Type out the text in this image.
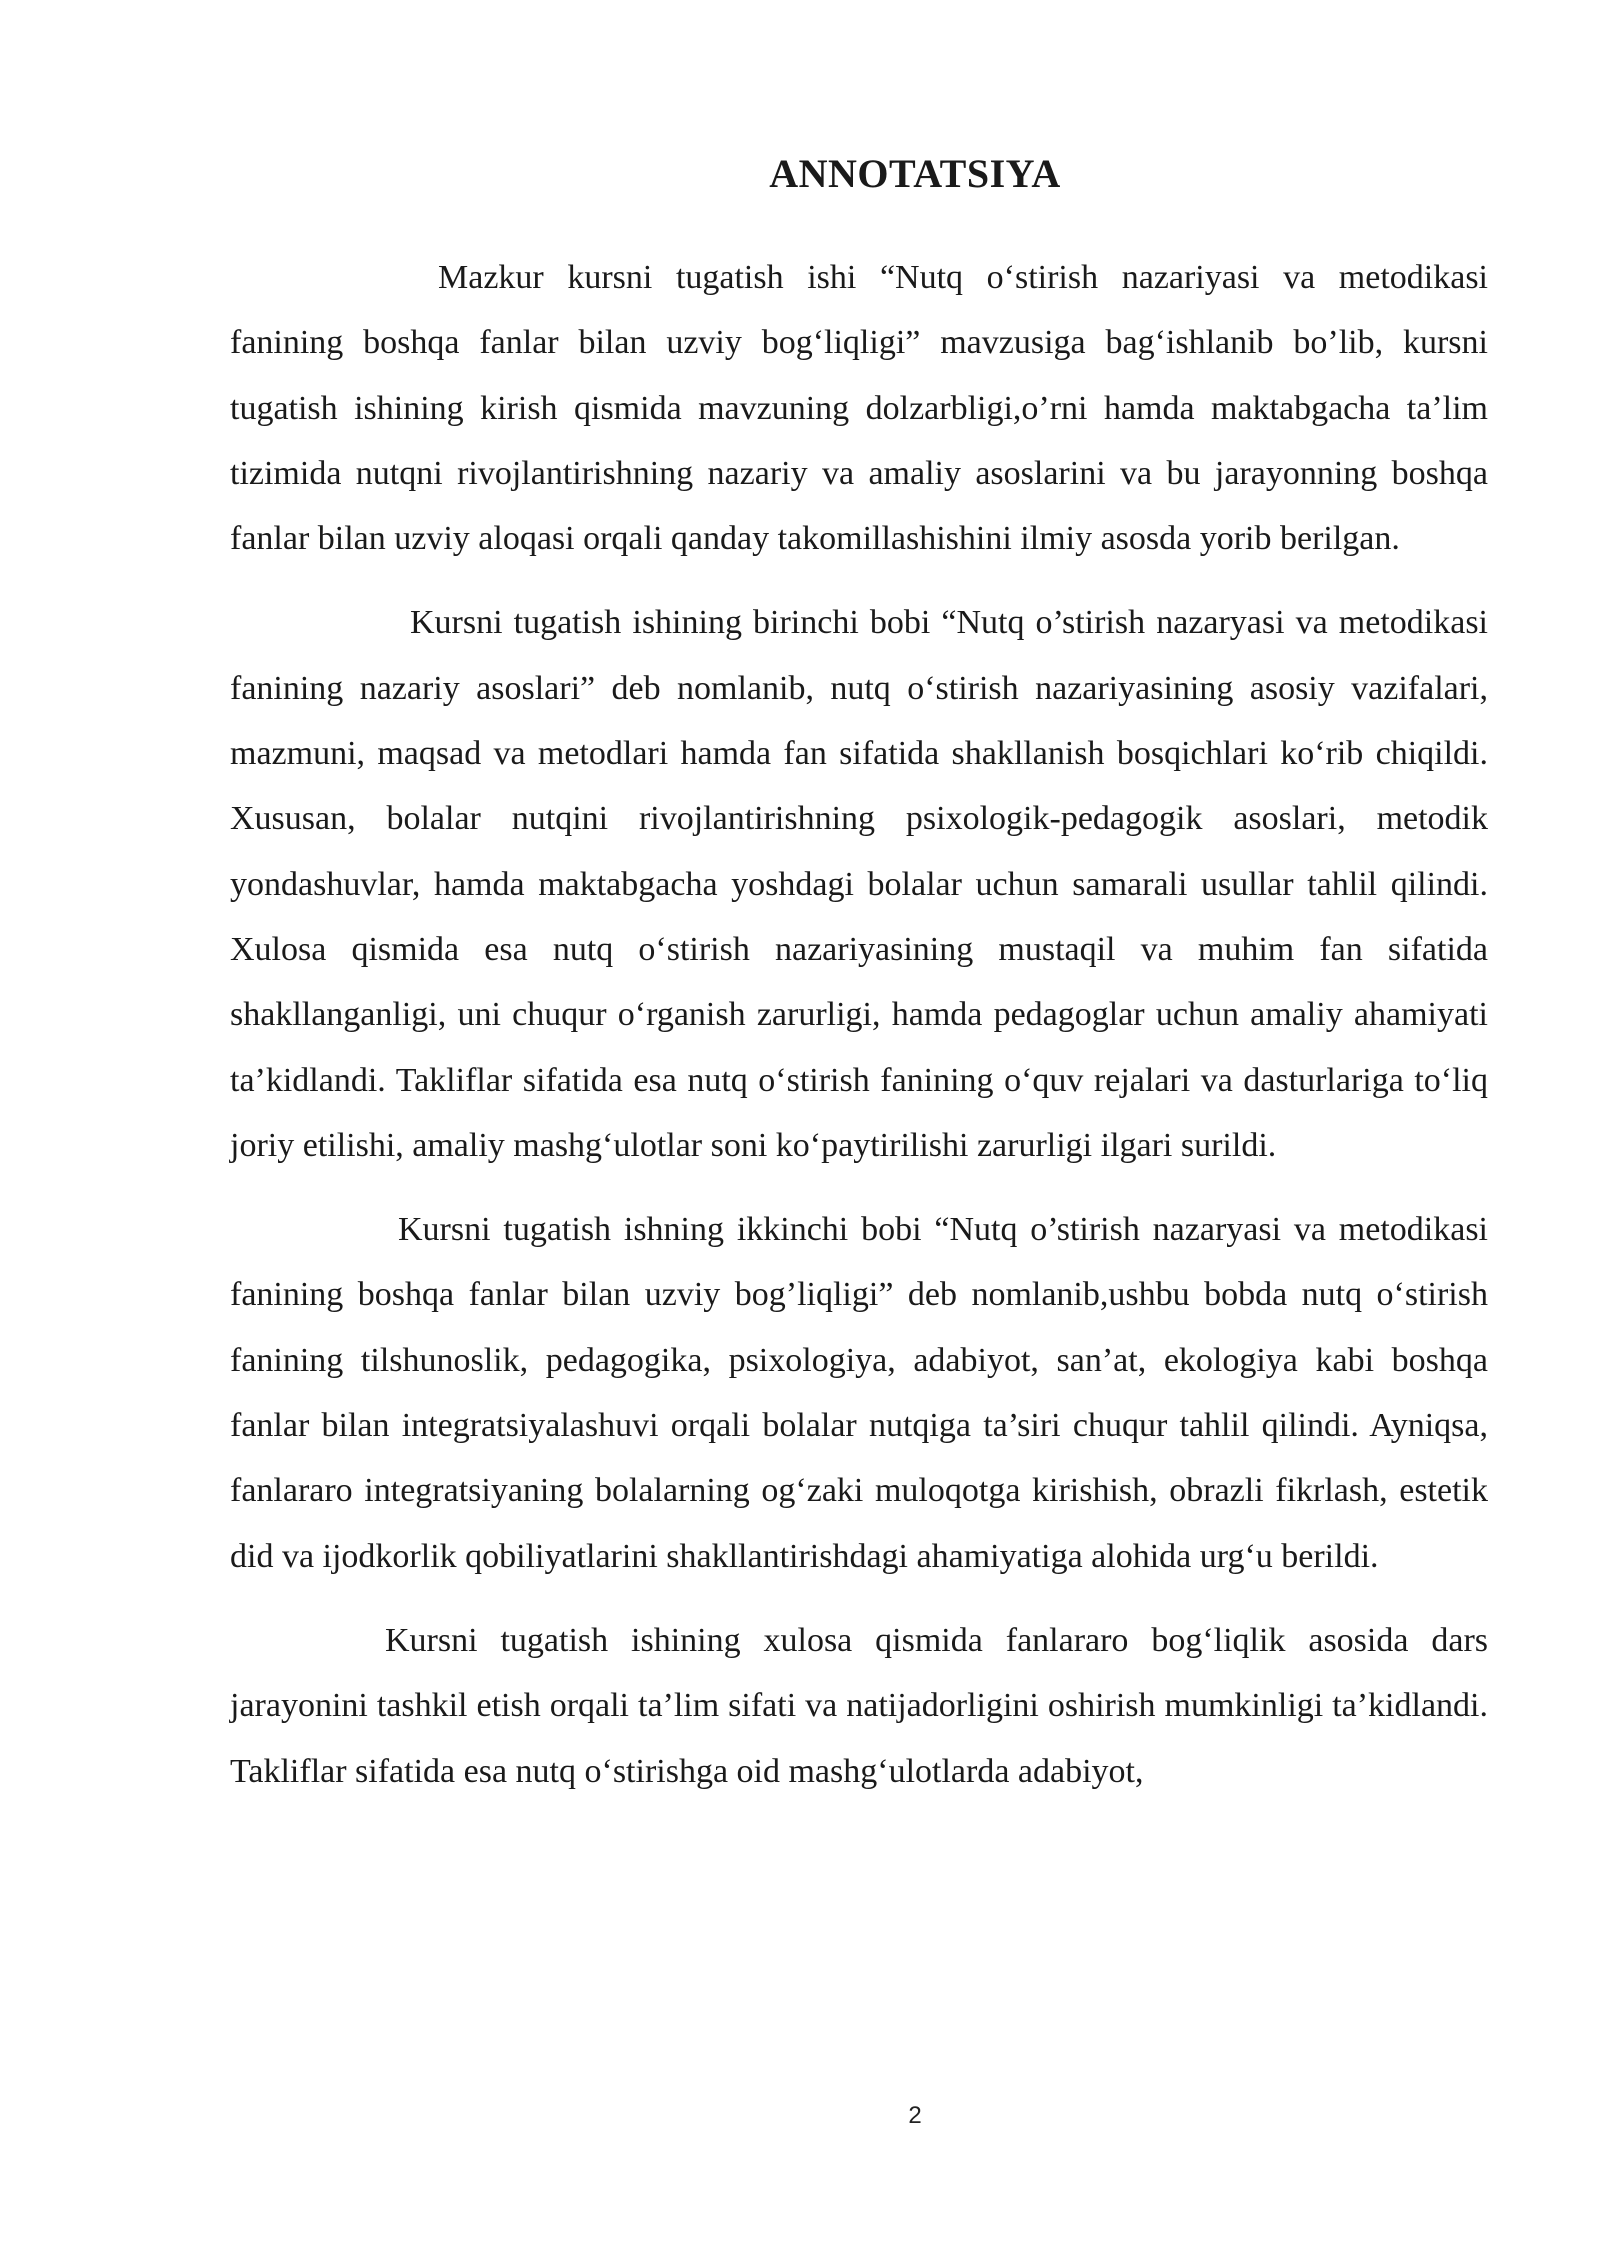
ANNOTATSIYA

Mazkur kursni tugatish ishi “Nutq o‘stirish nazariyasi va metodikasi fanining boshqa fanlar bilan uzviy bog‘liqligi” mavzusiga bag‘ishlanib bo’lib, kursni tugatish ishining kirish qismida mavzuning dolzarbligi,o’rni hamda maktabgacha ta’lim tizimida nutqni rivojlantirishning nazariy va amaliy asoslarini va bu jarayonning boshqa fanlar bilan uzviy aloqasi orqali qanday takomillashishini ilmiy asosda yorib berilgan.

Kursni tugatish ishining birinchi bobi “Nutq o’stirish nazaryasi va metodikasi fanining nazariy asoslari” deb nomlanib, nutq o‘stirish nazariyasining asosiy vazifalari, mazmuni, maqsad va metodlari hamda fan sifatida shakllanish bosqichlari ko‘rib chiqildi. Xususan, bolalar nutqini rivojlantirishning psixologik-pedagogik asoslari, metodik yondashuvlar, hamda maktabgacha yoshdagi bolalar uchun samarali usullar tahlil qilindi. Xulosa qismida esa nutq o‘stirish nazariyasining mustaqil va muhim fan sifatida shakllanganligi, uni chuqur o‘rganish zarurligi, hamda pedagoglar uchun amaliy ahamiyati ta’kidlandi. Takliflar sifatida esa nutq o‘stirish fanining o‘quv rejalari va dasturlariga to‘liq joriy etilishi, amaliy mashg‘ulotlar soni ko‘paytirilishi zarurligi ilgari surildi.

Kursni tugatish ishning ikkinchi bobi “Nutq o’stirish nazaryasi va metodikasi fanining boshqa fanlar bilan uzviy bog’liqligi” deb nomlanib,ushbu bobda nutq o‘stirish fanining tilshunoslik, pedagogika, psixologiya, adabiyot, san’at, ekologiya kabi boshqa fanlar bilan integratsiyalashuvi orqali bolalar nutqiga ta’siri chuqur tahlil qilindi. Ayniqsa, fanlararo integratsiyaning bolalarning og‘zaki muloqotga kirishish, obrazli fikrlash, estetik did va ijodkorlik qobiliyatlarini shakllantirishdagi ahamiyatiga alohida urg‘u berildi.

Kursni tugatish ishining xulosa qismida fanlararo bog‘liqlik asosida dars jarayonini tashkil etish orqali ta’lim sifati va natijadorligini oshirish mumkinligi ta’kidlandi. Takliflar sifatida esa nutq o‘stirishga oid mashg‘ulotlarda adabiyot,

2
